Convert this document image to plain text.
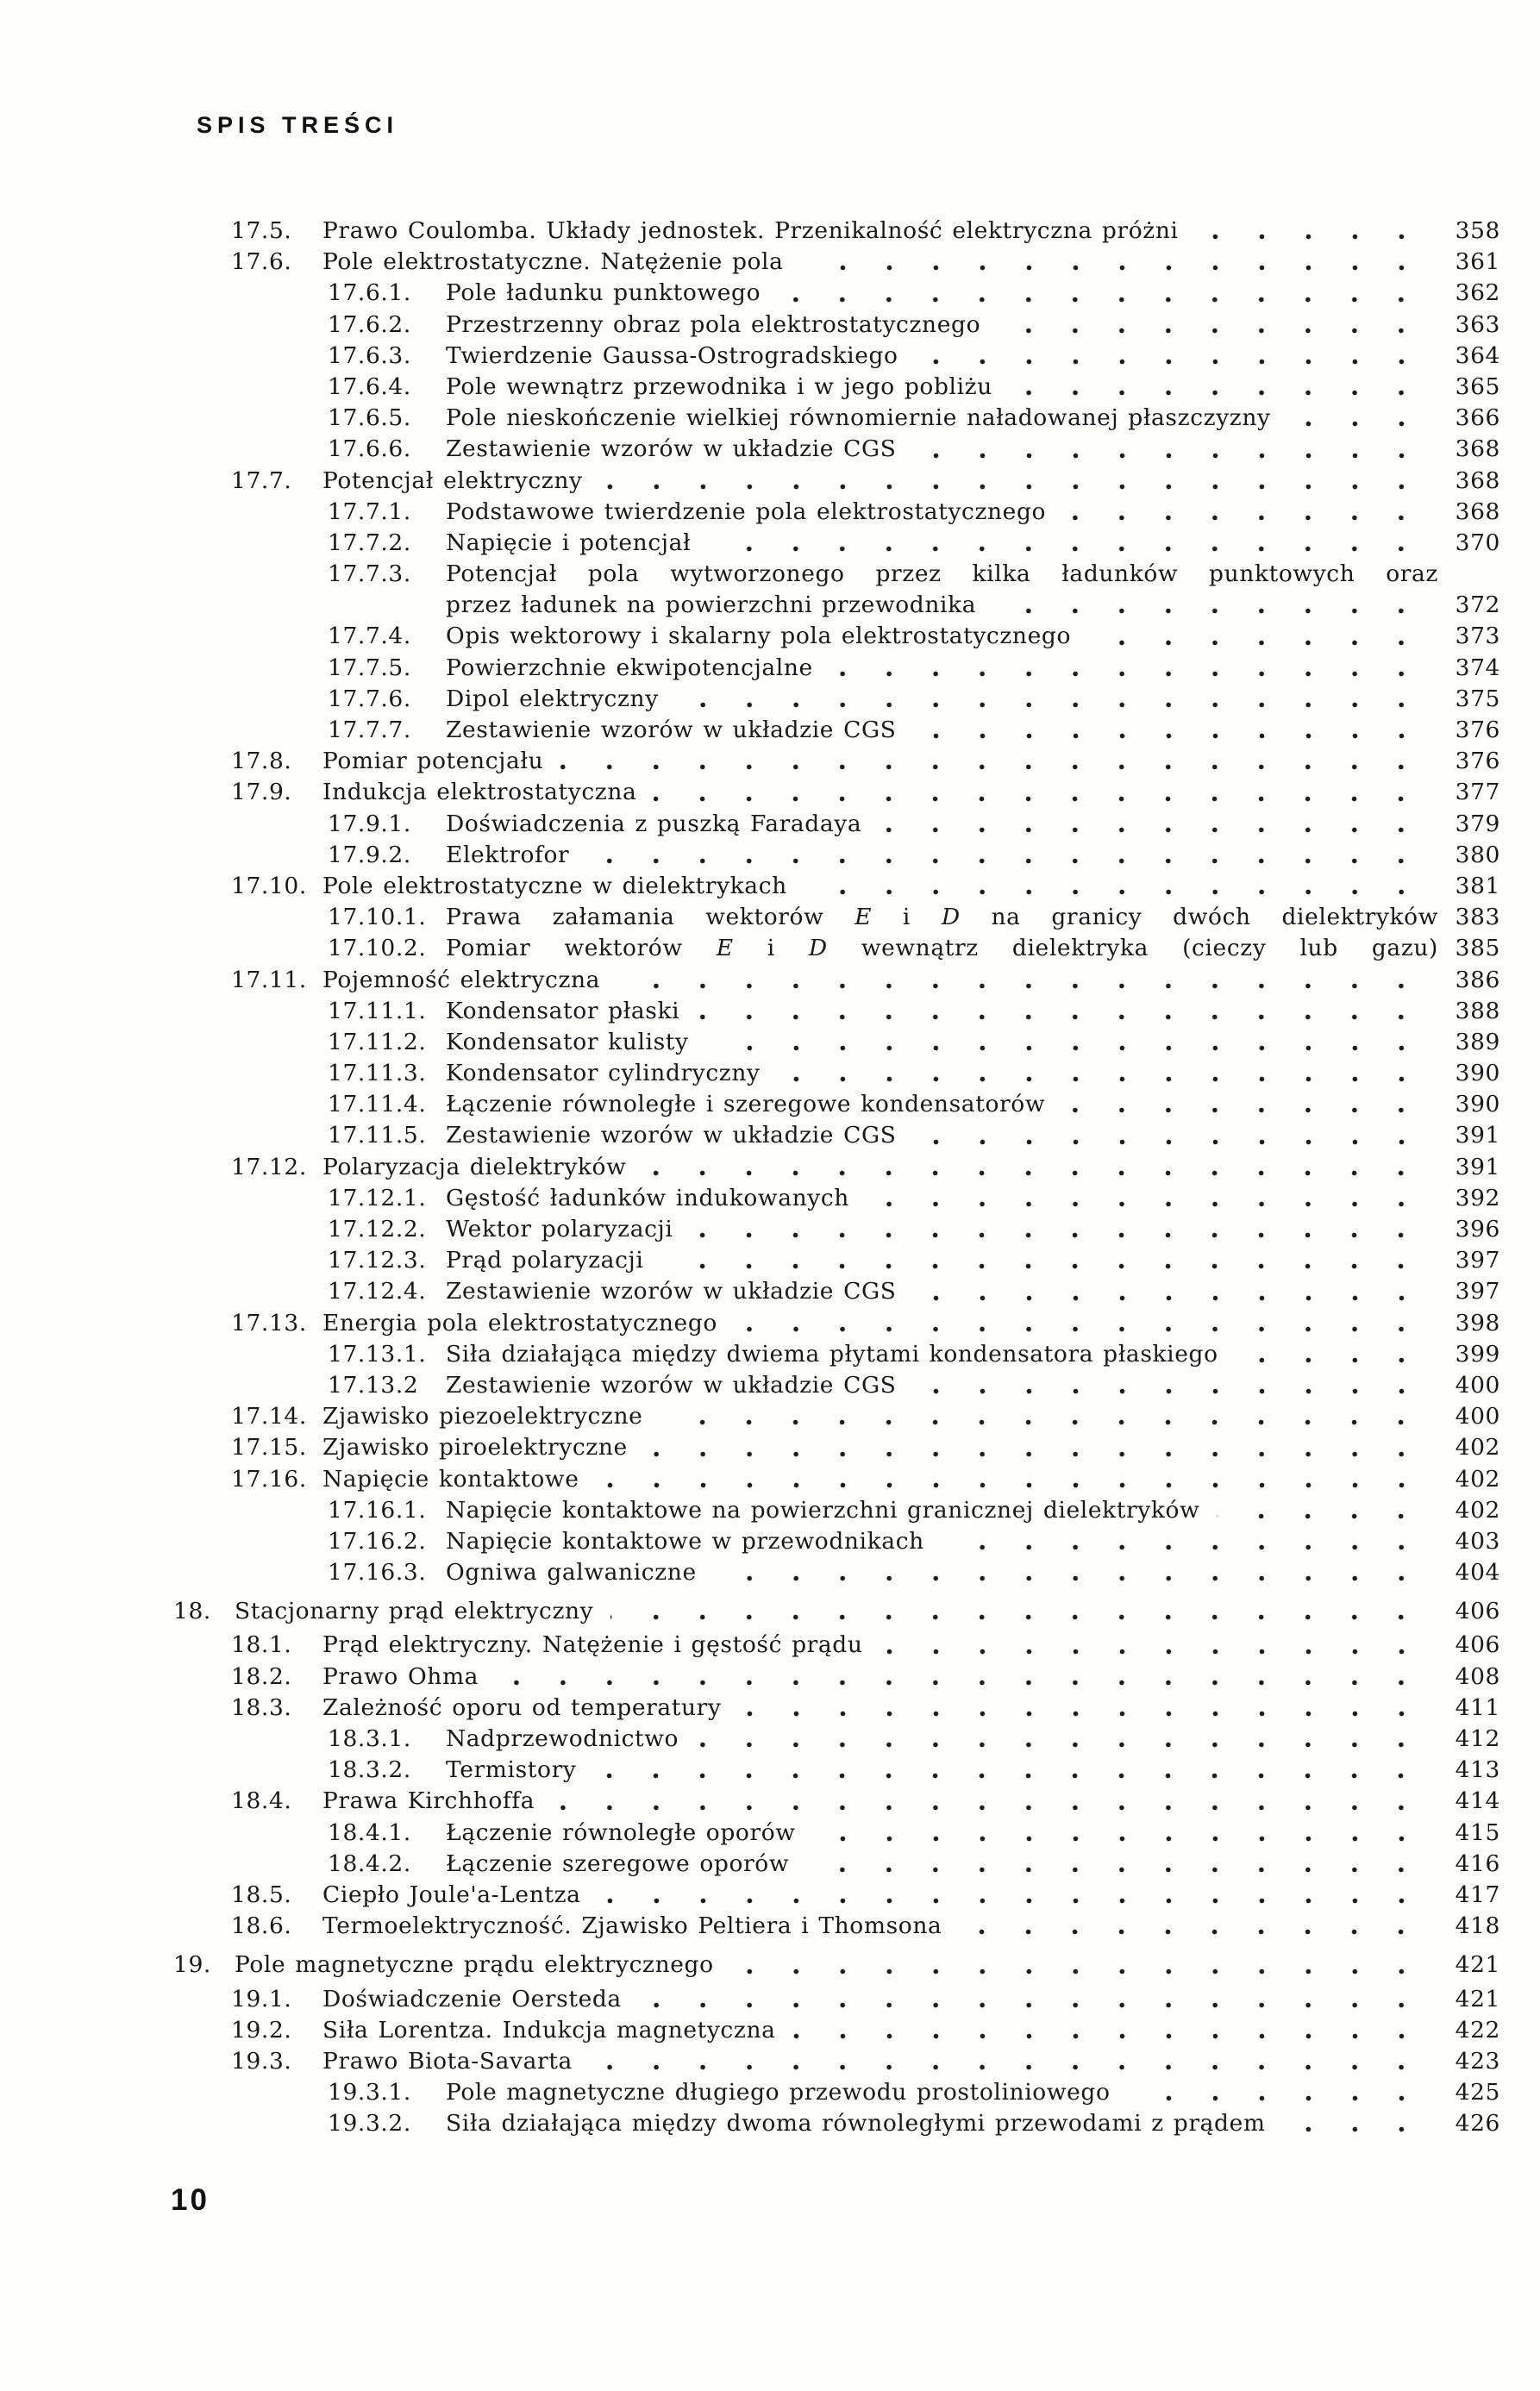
SPIS TREŚCI
17.5.	Prawo Coulomba. Układy jednostek. Przenikalność elektryczna próżni	358
17.6.	Pole elektrostatyczne. Natężenie pola	361
17.6.1.	Pole ładunku punktowego	362
17.6.2.	Przestrzenny obraz pola elektrostatycznego	363
17.6.3.	Twierdzenie Gaussa-Ostrogradskiego	364
17.6.4.	Pole wewnątrz przewodnika i w jego pobliżu	365
17.6.5.	Pole nieskończenie wielkiej równomiernie naładowanej płaszczyzny	366
17.6.6.	Zestawienie wzorów w układzie CGS	368
17.7.	Potencjał elektryczny	368
17.7.1.	Podstawowe twierdzenie pola elektrostatycznego	368
17.7.2.	Napięcie i potencjał	370
17.7.3.	Potencjał pola wytworzonego przez kilka ładunków punktowych oraz
przez ładunek na powierzchni przewodnika	372
17.7.4.	Opis wektorowy i skalarny pola elektrostatycznego	373
17.7.5.	Powierzchnie ekwipotencjalne	374
17.7.6.	Dipol elektryczny	375
17.7.7.	Zestawienie wzorów w układzie CGS	376
17.8.	Pomiar potencjału	376
17.9.	Indukcja elektrostatyczna	377
17.9.1.	Doświadczenia z puszką Faradaya	379
17.9.2.	Elektrofor	380
17.10. Pole elektrostatyczne w dielektrykach	381
17.10.1. Prawa załamania wektorów E i D na granicy dwóch dielektryków 383
17.10.2. Pomiar wektorów E i D wewnątrz dielektryka (cieczy lub gazu) 385
17.11. Pojemność elektryczna	386
17.11.1. Kondensator płaski	388
17.11.2. Kondensator kulisty	389
17.11.3. Kondensator cylindryczny	390
17.11.4. Łączenie równoległe i szeregowe kondensatorów	390
17.11.5. Zestawienie wzorów w układzie CGS	391
17.12. Polaryzacja dielektryków	391
17.12.1. Gęstość ładunków indukowanych	392
17.12.2. Wektor polaryzacji	396
17.12.3. Prąd polaryzacji	397
17.12.4. Zestawienie wzorów w układzie CGS	397
17.13. Energia pola elektrostatycznego	398
17.13.1. Siła działająca między dwiema płytami kondensatora płaskiego	399
17.13.2	Zestawienie wzorów w układzie CGS	400
17.14. Zjawisko piezoelektryczne	400
17.15. Zjawisko piroelektryczne	402
17.16. Napięcie kontaktowe	402
17.16.1. Napięcie kontaktowe na powierzchni granicznej dielektryków	402
17.16.2. Napięcie kontaktowe w przewodnikach	403
17.16.3. Ogniwa galwaniczne	404
18.	Stacjonarny prąd elektryczny	406
18.1.	Prąd elektryczny. Natężenie i gęstość prądu	406
18.2.	Prawo Ohma	408
18.3.	Zależność oporu od temperatury	411
18.3.1.	Nadprzewodnictwo	412
18.3.2.	Termistory	413
18.4.	Prawa Kirchhoffa	414
18.4.1.	Łączenie równoległe oporów	415
18.4.2.	Łączenie szeregowe oporów	416
18.5.	Ciepło Joule'a-Lentza	417
18.6.	Termoelektryczność. Zjawisko Peltiera i Thomsona	418
19.	Pole magnetyczne prądu elektrycznego	421
19.1.	Doświadczenie Oersteda	421
19.2.	Siła Lorentza. Indukcja magnetyczna	422
19.3.	Prawo Biota-Savarta	423
19.3.1.	Pole magnetyczne długiego przewodu prostoliniowego	425
19.3.2.	Siła działająca między dwoma równoległymi przewodami z prądem	426
10
